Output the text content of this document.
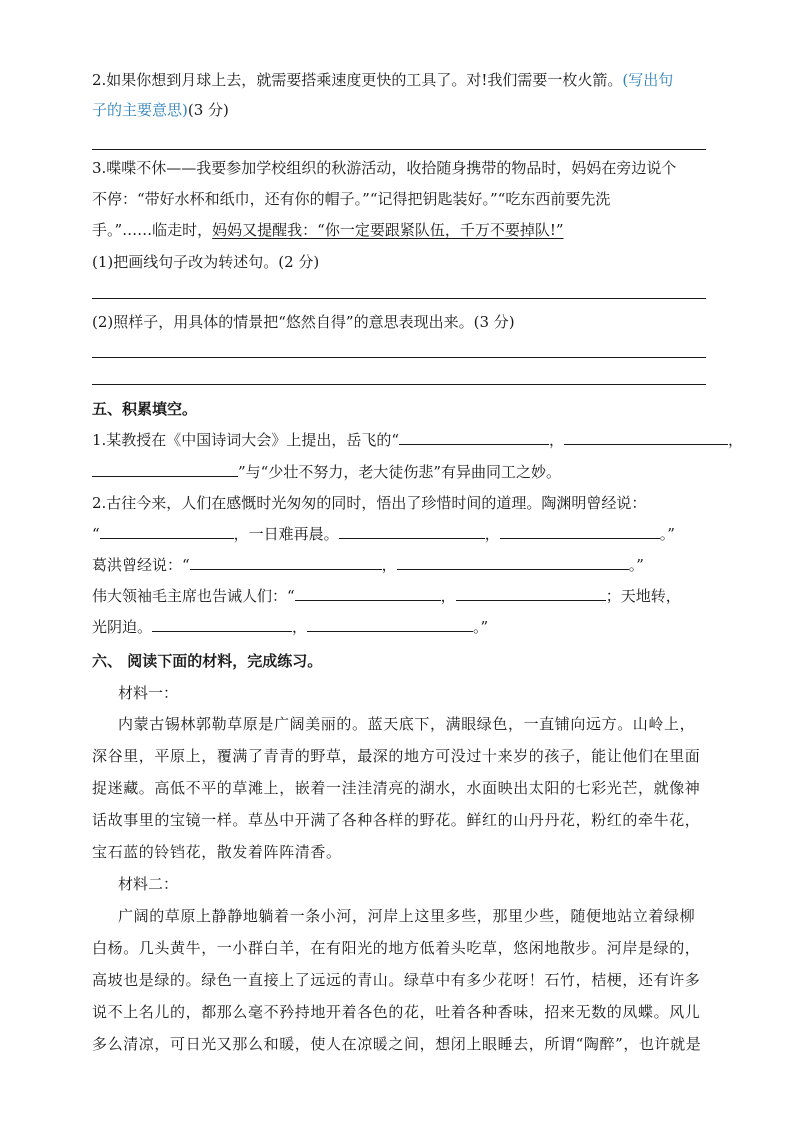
2.如果你想到月球上去，就需要搭乘速度更快的工具了。对!我们需要一枚火箭。(写出句
子的主要意思)(3 分)
3.喋喋不休——我要参加学校组织的秋游活动，收拾随身携带的物品时，妈妈在旁边说个
不停：“带好水杯和纸巾，还有你的帽子。”“记得把钥匙装好。”“吃东西前要先洗
手。”……临走时，妈妈又提醒我：“你一定要跟紧队伍，千万不要掉队!”
(1)把画线句子改为转述句。(2 分)
(2)照样子，用具体的情景把“悠然自得”的意思表现出来。(3 分)
五、积累填空。
1.某教授在《中国诗词大会》上提出，岳飞的“	，	，
”与“少壮不努力，老大徒伤悲”有异曲同工之妙。
2.古往今来，人们在感慨时光匆匆的同时，悟出了珍惜时间的道理。陶渊明曾经说：
“	，一日难再晨。	，	。”
葛洪曾经说：“	，	。”
伟大领袖毛主席也告诫人们：“	，	；天地转，
光阴迫。	，	。”
六、 阅读下面的材料，完成练习。
材料一：
内蒙古锡林郭勒草原是广阔美丽的。蓝天底下，满眼绿色，一直铺向远方。山岭上，
深谷里，平原上，覆满了青青的野草，最深的地方可没过十来岁的孩子，能让他们在里面
捉迷藏。高低不平的草滩上，嵌着一洼洼清亮的湖水，水面映出太阳的七彩光芒，就像神
话故事里的宝镜一样。草丛中开满了各种各样的野花。鲜红的山丹丹花，粉红的牵牛花，
宝石蓝的铃铛花，散发着阵阵清香。
材料二：
广阔的草原上静静地躺着一条小河，河岸上这里多些，那里少些，随便地站立着绿柳
白杨。几头黄牛，一小群白羊，在有阳光的地方低着头吃草，悠闲地散步。河岸是绿的，
高坡也是绿的。绿色一直接上了远远的青山。绿草中有多少花呀！石竹，桔梗，还有许多
说不上名儿的，都那么毫不矜持地开着各色的花，吐着各种香味，招来无数的凤蝶。风儿
多么清凉，可日光又那么和暖，使人在凉暖之间，想闭上眼睡去，所谓“陶醉”，也许就是
